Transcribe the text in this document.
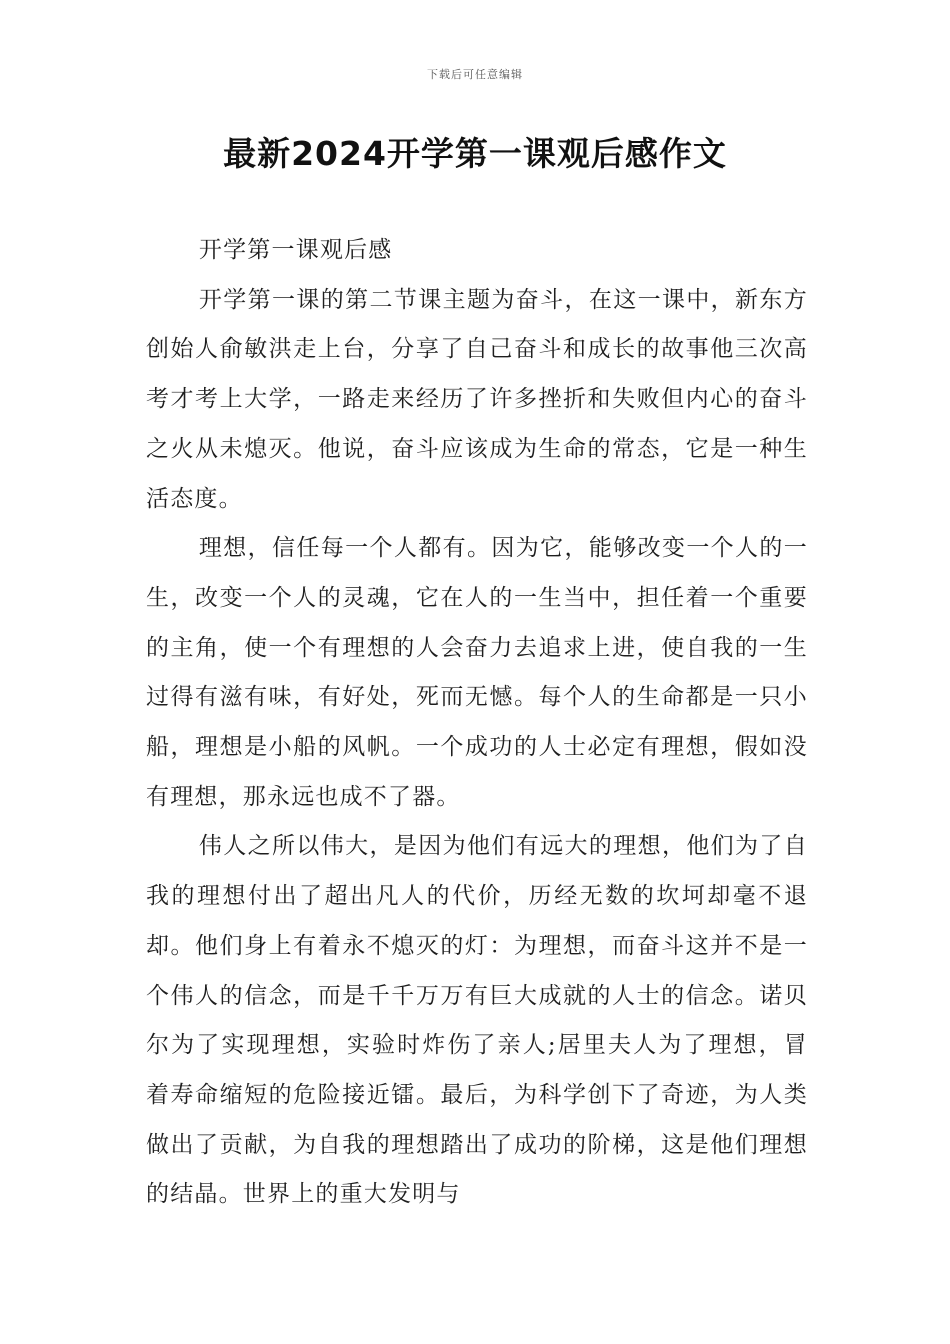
下载后可任意编辑
最新2024开学第一课观后感作文

开学第一课观后感

开学第一课的第二节课主题为奋斗，在这一课中，新东方创始人俞敏洪走上台，分享了自己奋斗和成长的故事他三次高考才考上大学，一路走来经历了许多挫折和失败但内心的奋斗之火从未熄灭。他说，奋斗应该成为生命的常态，它是一种生活态度。

理想，信任每一个人都有。因为它，能够改变一个人的一生，改变一个人的灵魂，它在人的一生当中，担任着一个重要的主角，使一个有理想的人会奋力去追求上进，使自我的一生过得有滋有味，有好处，死而无憾。每个人的生命都是一只小船，理想是小船的风帆。一个成功的人士必定有理想，假如没有理想，那永远也成不了器。

伟人之所以伟大，是因为他们有远大的理想，他们为了自我的理想付出了超出凡人的代价，历经无数的坎坷却毫不退却。他们身上有着永不熄灭的灯：为理想，而奋斗这并不是一个伟人的信念，而是千千万万有巨大成就的人士的信念。诺贝尔为了实现理想，实验时炸伤了亲人;居里夫人为了理想，冒着寿命缩短的危险接近镭。最后，为科学创下了奇迹，为人类做出了贡献，为自我的理想踏出了成功的阶梯，这是他们理想的结晶。世界上的重大发明与
